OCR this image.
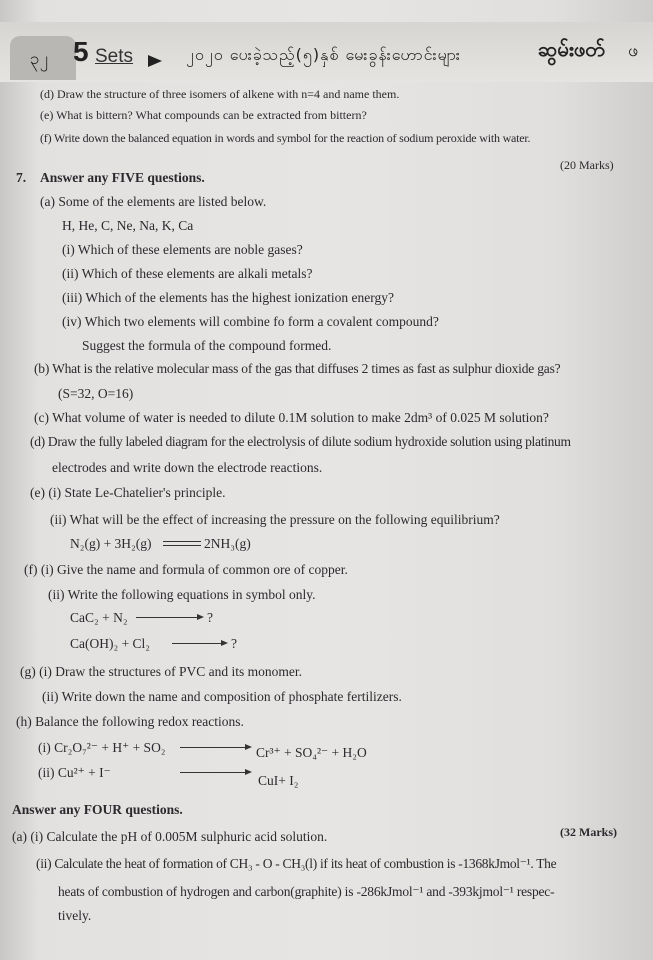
၃၂ 5 Sets	၂၀၂၀ ပေးခဲ့သည့်(၅)နှစ် မေးခွန်းဟောင်းများ	ဆွမ်းဖတ် ဖ
(d) Draw the structure of three isomers of alkene with n=4 and name them.
(e) What is bittern? What compounds can be extracted from bittern?
(f) Write down the balanced equation in words and symbol for the reaction of sodium peroxide with water.
(20 Marks)
7. Answer any FIVE questions.
(a) Some of the elements are listed below.
H, He, C, Ne, Na, K, Ca
(i) Which of these elements are noble gases?
(ii) Which of these elements are alkali metals?
(iii) Which of the elements has the highest ionization energy?
(iv) Which two elements will combine fo form a covalent compound?
Suggest the formula of the compound formed.
(b) What is the relative molecular mass of the gas that diffuses 2 times as fast as sulphur dioxide gas?
(S=32, O=16)
(c) What volume of water is needed to dilute 0.1M solution to make 2dm³ of 0.025 M solution?
(d) Draw the fully labeled diagram for the electrolysis of dilute sodium hydroxide solution using platinum
electrodes and write down the electrode reactions.
(e) (i) State Le-Chatelier's principle.
(ii) What will be the effect of increasing the pressure on the following equilibrium?
N₂(g) + 3H₂(g)	2NH₃(g)
(f) (i) Give the name and formula of common ore of copper.
(ii) Write the following equations in symbol only.
CaC₂ + N₂	?
Ca(OH)₂ + Cl₂ → ?
(g) (i) Draw the structures of PVC and its monomer.
(ii) Write down the name and composition of phosphate fertilizers.
(h) Balance the following redox reactions.
(i) Cr₂O₇²⁻ + H⁺ + SO₂	Cr³⁺ + SO₄²⁻ + H₂O
(ii) Cu²⁺ + I⁻
CuI+ I₂
Answer any FOUR questions.
(32 Marks)
(a) (i) Calculate the pH of 0.005M sulphuric acid solution.
(ii) Calculate the heat of formation of CH₃ - O - CH₃(l) if its heat of combustion is -1368kJmol⁻¹. The
heats of combustion of hydrogen and carbon(graphite) is -286kJmol⁻¹ and -393kjmol⁻¹ respec-
tively.
